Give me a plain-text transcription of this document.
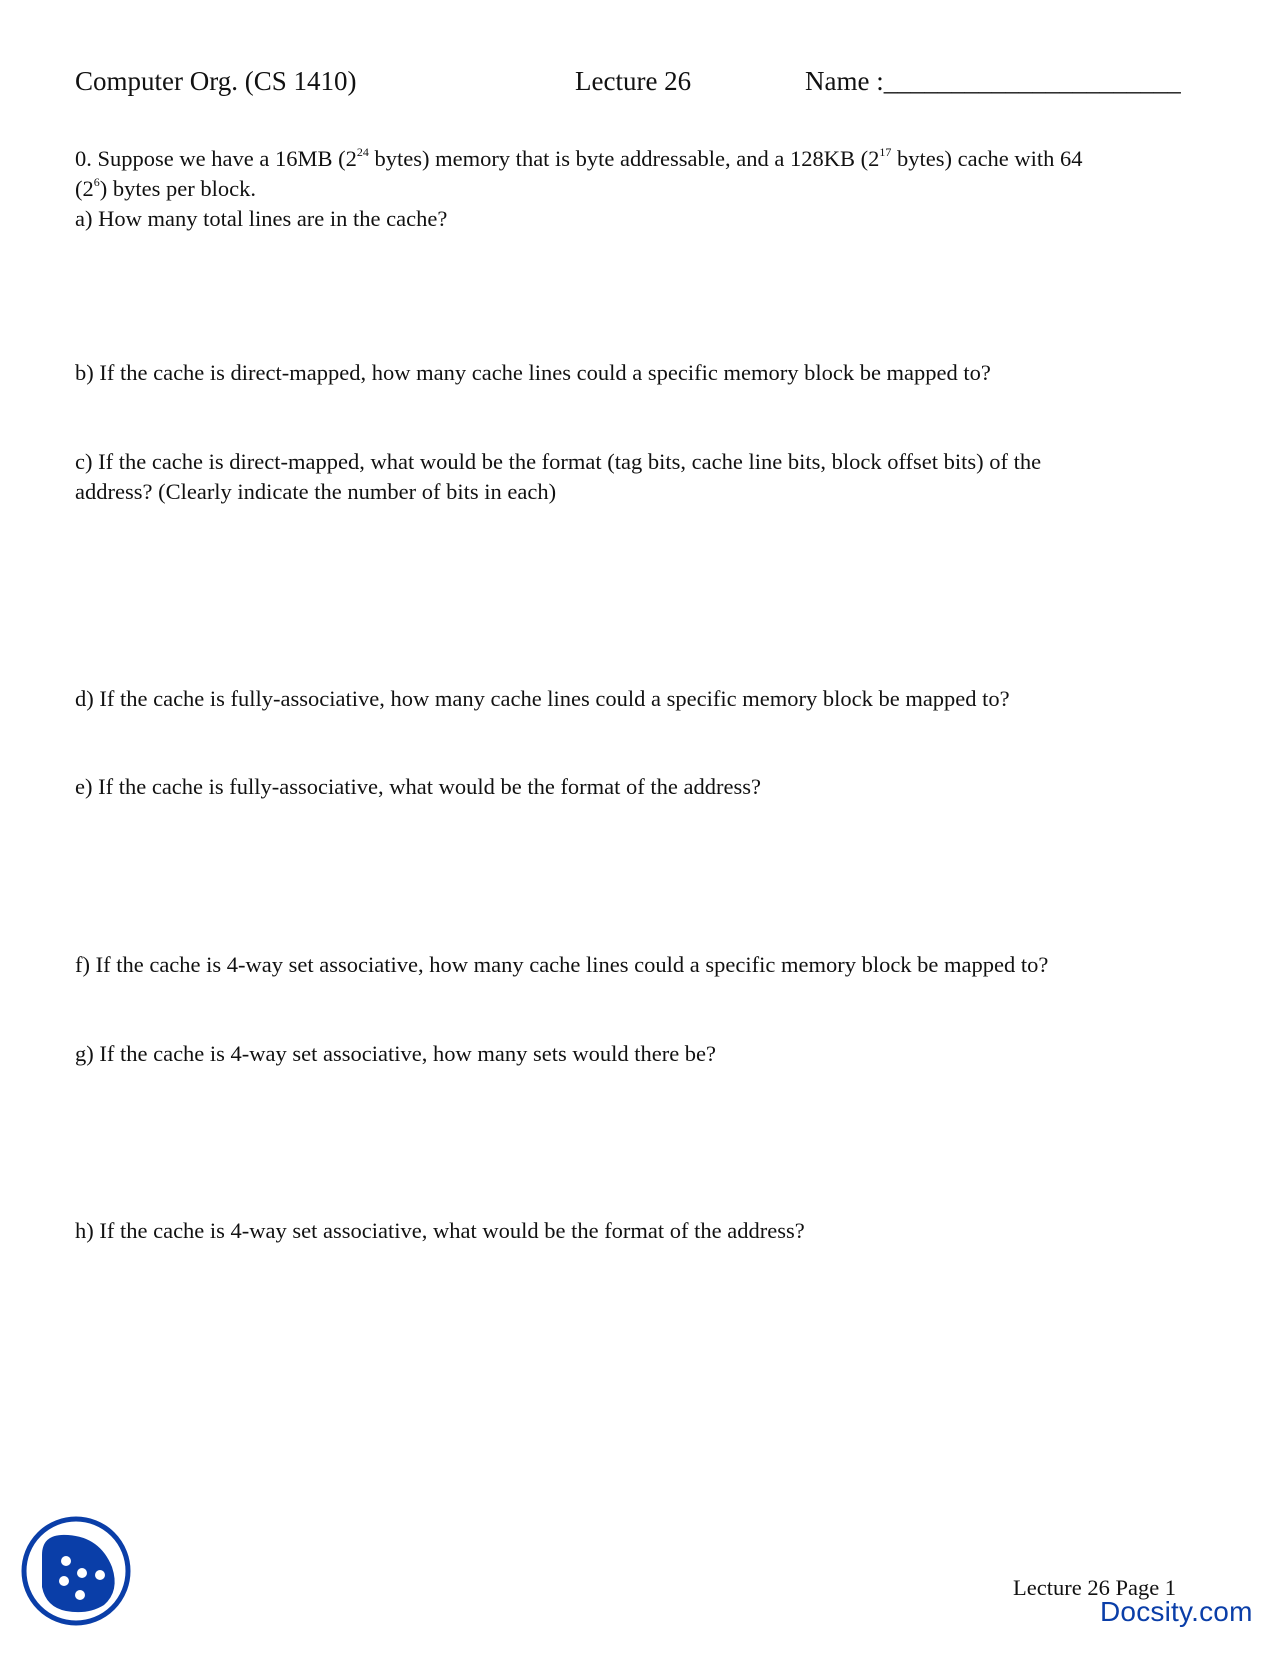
Computer Org. (CS 1410)	Lecture 26	Name :______________________
0. Suppose we have a 16MB ($2^{24}$ bytes) memory that is byte addressable, and a 128KB ($2^{17}$ bytes) cache with 64
$(2^6)$ bytes per block.
a) How many total lines are in the cache?
b) If the cache is direct-mapped, how many cache lines could a specific memory block be mapped to?
c) If the cache is direct-mapped, what would be the format (tag bits, cache line bits, block offset bits) of the
address? (Clearly indicate the number of bits in each)
d) If the cache is fully-associative, how many cache lines could a specific memory block be mapped to?
e) If the cache is fully-associative, what would be the format of the address?
f) If the cache is 4-way set associative, how many cache lines could a specific memory block be mapped to?
g) If the cache is 4-way set associative, how many sets would there be?
h) If the cache is 4-way set associative, what would be the format of the address?
Lecture 26 Page 1
Docsity.com
